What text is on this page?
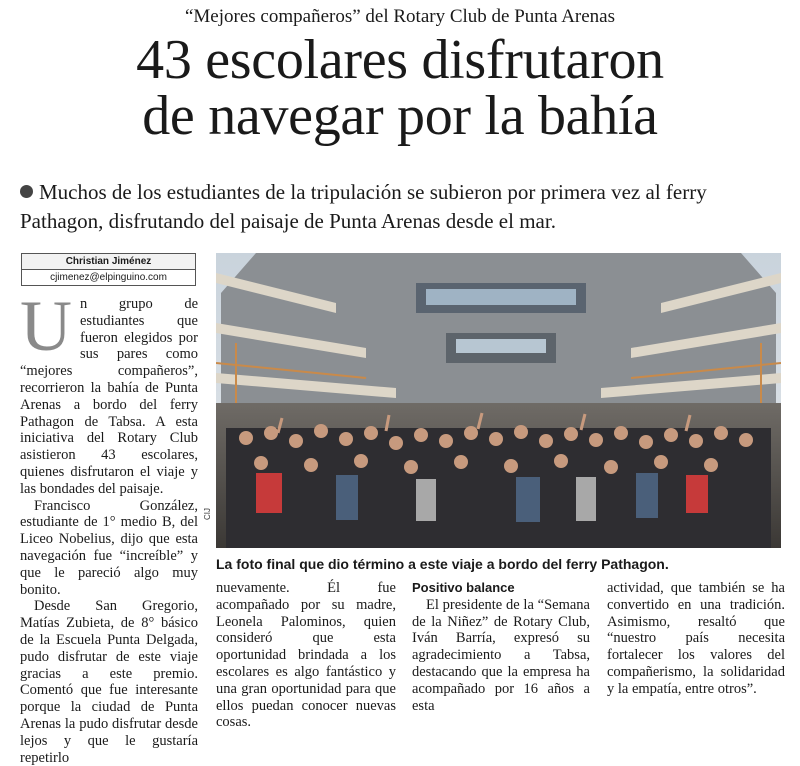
“Mejores compañeros” del Rotary Club de Punta Arenas
43 escolares disfrutaron
de navegar por la bahía
Muchos de los estudiantes de la tripulación se subieron por primera vez al ferry Pathagon, disfrutando del paisaje de Punta Arenas desde el mar.
Christian Jiménez
cjimenez@elpinguino.com

Un grupo de estudiantes que fueron elegidos por sus pares como “mejores compañeros”, recorrieron la bahía de Punta Arenas a bordo del ferry Pathagon de Tabsa. A esta iniciativa del Rotary Club asistieron 43 escolares, quienes disfrutaron el viaje y las bondades del paisaje.

Francisco González, estudiante de 1° medio B, del Liceo Nobelius, dijo que esta navegación fue “increíble” y que le pareció algo muy bonito.

Desde San Gregorio, Matías Zubieta, de 8° básico de la Escuela Punta Delgada, pudo disfrutar de este viaje gracias a este premio. Comentó que fue interesante porque la ciudad de Punta Arenas la pudo disfrutar desde lejos y que le gustaría repetirlo

CIJ
La foto final que dio término a este viaje a bordo del ferry Pathagon.

nuevamente. Él fue acompañado por su madre, Leonela Palominos, quien consideró que esta oportunidad brindada a los escolares es algo fantástico y una gran oportunidad para que ellos puedan conocer nuevas cosas.

Positivo balance

El presidente de la “Semana de la Niñez” de Rotary Club, Iván Barría, expresó su agradecimiento a Tabsa, destacando que la empresa ha acompañado por 16 años a esta

actividad, que también se ha convertido en una tradición. Asimismo, resaltó que “nuestro país necesita fortalecer los valores del compañerismo, la solidaridad y la empatía, entre otros”.
